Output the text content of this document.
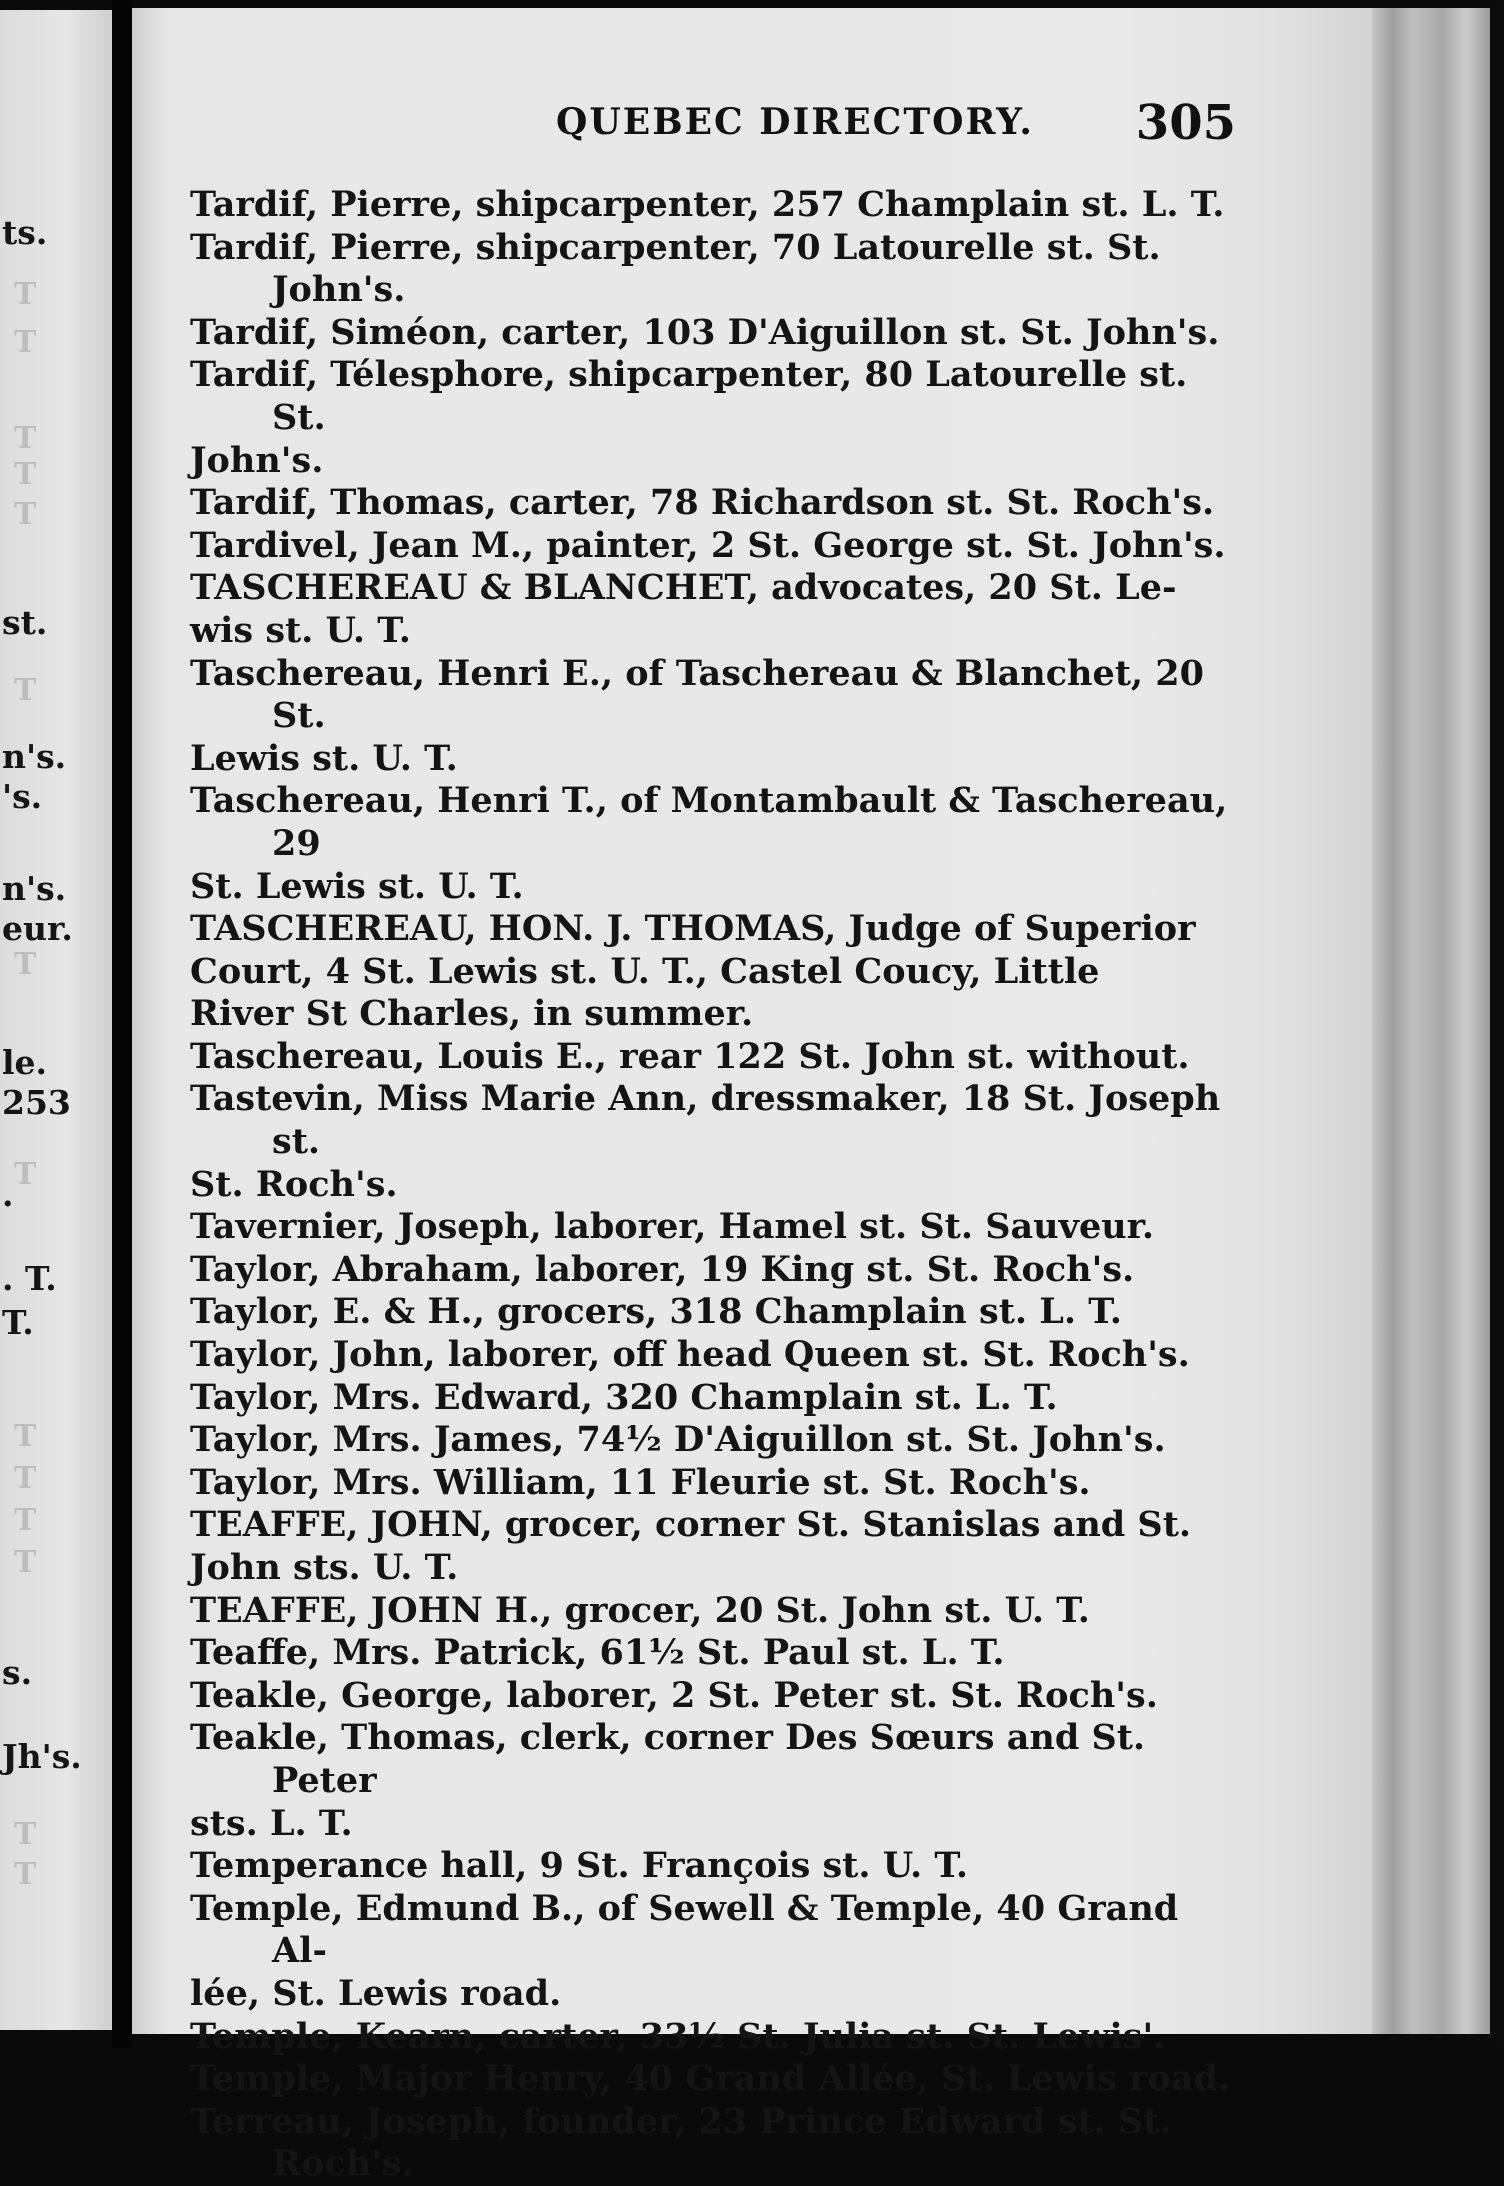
T
T
T
T
T
T
T
T
T
T
T
T
T
T

ts.

st.

n's.

's.

n's.

eur.

le.

253

.

. T.

T.

s.

Jh's.

QUEBEC DIRECTORY. 305

Tardif, Pierre, shipcarpenter, 257 Champlain st. L. T.

Tardif, Pierre, shipcarpenter, 70 Latourelle st. St. John's.

Tardif, Siméon, carter, 103 D'Aiguillon st. St. John's.

Tardif, Télesphore, shipcarpenter, 80 Latourelle st. St.
John's.

Tardif, Thomas, carter, 78 Richardson st. St. Roch's.

Tardivel, Jean M., painter, 2 St. George st. St. John's.

TASCHEREAU & BLANCHET, advocates, 20 St. Le-
wis st. U. T.

Taschereau, Henri E., of Taschereau & Blanchet, 20 St.
Lewis st. U. T.

Taschereau, Henri T., of Montambault & Taschereau, 29
St. Lewis st. U. T.

TASCHEREAU, HON. J. THOMAS, Judge of Superior
Court, 4 St. Lewis st. U. T., Castel Coucy, Little
River St Charles, in summer.

Taschereau, Louis E., rear 122 St. John st. without.

Tastevin, Miss Marie Ann, dressmaker, 18 St. Joseph st.
St. Roch's.

Tavernier, Joseph, laborer, Hamel st. St. Sauveur.

Taylor, Abraham, laborer, 19 King st. St. Roch's.

Taylor, E. & H., grocers, 318 Champlain st. L. T.

Taylor, John, laborer, off head Queen st. St. Roch's.

Taylor, Mrs. Edward, 320 Champlain st. L. T.

Taylor, Mrs. James, 74½ D'Aiguillon st. St. John's.

Taylor, Mrs. William, 11 Fleurie st. St. Roch's.

TEAFFE, JOHN, grocer, corner St. Stanislas and St.
John sts. U. T.

TEAFFE, JOHN H., grocer, 20 St. John st. U. T.

Teaffe, Mrs. Patrick, 61½ St. Paul st. L. T.

Teakle, George, laborer, 2 St. Peter st. St. Roch's.

Teakle, Thomas, clerk, corner Des Sœurs and St. Peter
sts. L. T.

Temperance hall, 9 St. François st. U. T.

Temple, Edmund B., of Sewell & Temple, 40 Grand Al-
lée, St. Lewis road.

Temple, Kearn, carter, 33½ St. Julia st. St. Lewis'.

Temple, Major Henry, 40 Grand Allée, St. Lewis road.

Terreau, Joseph, founder, 23 Prince Edward st. St. Roch's.
